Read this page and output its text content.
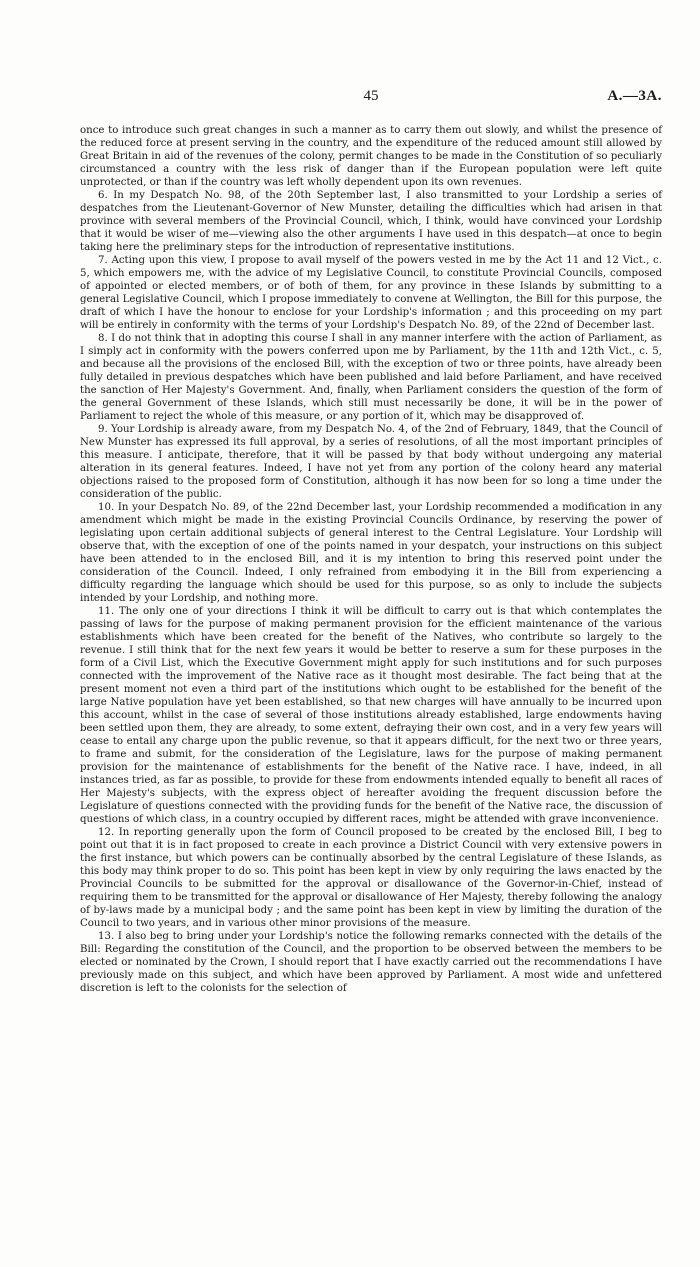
45	A.—3A.

once to introduce such great changes in such a manner as to carry them out slowly, and whilst the presence of the reduced force at present serving in the country, and the expenditure of the reduced amount still allowed by Great Britain in aid of the revenues of the colony, permit changes to be made in the Constitution of so peculiarly circumstanced a country with the less risk of danger than if the European population were left quite unprotected, or than if the country was left wholly dependent upon its own revenues.

6. In my Despatch No. 98, of the 20th September last, I also transmitted to your Lordship a series of despatches from the Lieutenant-Governor of New Munster, detailing the difficulties which had arisen in that province with several members of the Provincial Council, which, I think, would have convinced your Lordship that it would be wiser of me—viewing also the other arguments I have used in this despatch—at once to begin taking here the preliminary steps for the introduction of representative institutions.

7. Acting upon this view, I propose to avail myself of the powers vested in me by the Act 11 and 12 Vict., c. 5, which empowers me, with the advice of my Legislative Council, to constitute Provincial Councils, composed of appointed or elected members, or of both of them, for any province in these Islands by submitting to a general Legislative Council, which I propose immediately to convene at Wellington, the Bill for this purpose, the draft of which I have the honour to enclose for your Lordship's information ; and this proceeding on my part will be entirely in conformity with the terms of your Lordship's Despatch No. 89, of the 22nd of December last.

8. I do not think that in adopting this course I shall in any manner interfere with the action of Parliament, as I simply act in conformity with the powers conferred upon me by Parliament, by the 11th and 12th Vict., c. 5, and because all the provisions of the enclosed Bill, with the exception of two or three points, have already been fully detailed in previous despatches which have been published and laid before Parliament, and have received the sanction of Her Majesty's Government. And, finally, when Parliament considers the question of the form of the general Government of these Islands, which still must necessarily be done, it will be in the power of Parliament to reject the whole of this measure, or any portion of it, which may be disapproved of.

9. Your Lordship is already aware, from my Despatch No. 4, of the 2nd of February, 1849, that the Council of New Munster has expressed its full approval, by a series of resolutions, of all the most important principles of this measure. I anticipate, therefore, that it will be passed by that body without undergoing any material alteration in its general features. Indeed, I have not yet from any portion of the colony heard any material objections raised to the proposed form of Constitution, although it has now been for so long a time under the consideration of the public.

10. In your Despatch No. 89, of the 22nd December last, your Lordship recommended a modification in any amendment which might be made in the existing Provincial Councils Ordinance, by reserving the power of legislating upon certain additional subjects of general interest to the Central Legislature. Your Lordship will observe that, with the exception of one of the points named in your despatch, your instructions on this subject have been attended to in the enclosed Bill, and it is my intention to bring this reserved point under the consideration of the Council. Indeed, I only refrained from embodying it in the Bill from experiencing a difficulty regarding the language which should be used for this purpose, so as only to include the subjects intended by your Lordship, and nothing more.

11. The only one of your directions I think it will be difficult to carry out is that which contemplates the passing of laws for the purpose of making permanent provision for the efficient maintenance of the various establishments which have been created for the benefit of the Natives, who contribute so largely to the revenue. I still think that for the next few years it would be better to reserve a sum for these purposes in the form of a Civil List, which the Executive Government might apply for such institutions and for such purposes connected with the improvement of the Native race as it thought most desirable. The fact being that at the present moment not even a third part of the institutions which ought to be established for the benefit of the large Native population have yet been established, so that new charges will have annually to be incurred upon this account, whilst in the case of several of those institutions already established, large endowments having been settled upon them, they are already, to some extent, defraying their own cost, and in a very few years will cease to entail any charge upon the public revenue, so that it appears difficult, for the next two or three years, to frame and submit, for the consideration of the Legislature, laws for the purpose of making permanent provision for the maintenance of establishments for the benefit of the Native race. I have, indeed, in all instances tried, as far as possible, to provide for these from endowments intended equally to benefit all races of Her Majesty's subjects, with the express object of hereafter avoiding the frequent discussion before the Legislature of questions connected with the providing funds for the benefit of the Native race, the discussion of questions of which class, in a country occupied by different races, might be attended with grave inconvenience.

12. In reporting generally upon the form of Council proposed to be created by the enclosed Bill, I beg to point out that it is in fact proposed to create in each province a District Council with very extensive powers in the first instance, but which powers can be continually absorbed by the central Legislature of these Islands, as this body may think proper to do so. This point has been kept in view by only requiring the laws enacted by the Provincial Councils to be submitted for the approval or disallowance of the Governor-in-Chief, instead of requiring them to be transmitted for the approval or disallowance of Her Majesty, thereby following the analogy of by-laws made by a municipal body ; and the same point has been kept in view by limiting the duration of the Council to two years, and in various other minor provisions of the measure.

13. I also beg to bring under your Lordship's notice the following remarks connected with the details of the Bill: Regarding the constitution of the Council, and the proportion to be observed between the members to be elected or nominated by the Crown, I should report that I have exactly carried out the recommendations I have previously made on this subject, and which have been approved by Parliament. A most wide and unfettered discretion is left to the colonists for the selection of
